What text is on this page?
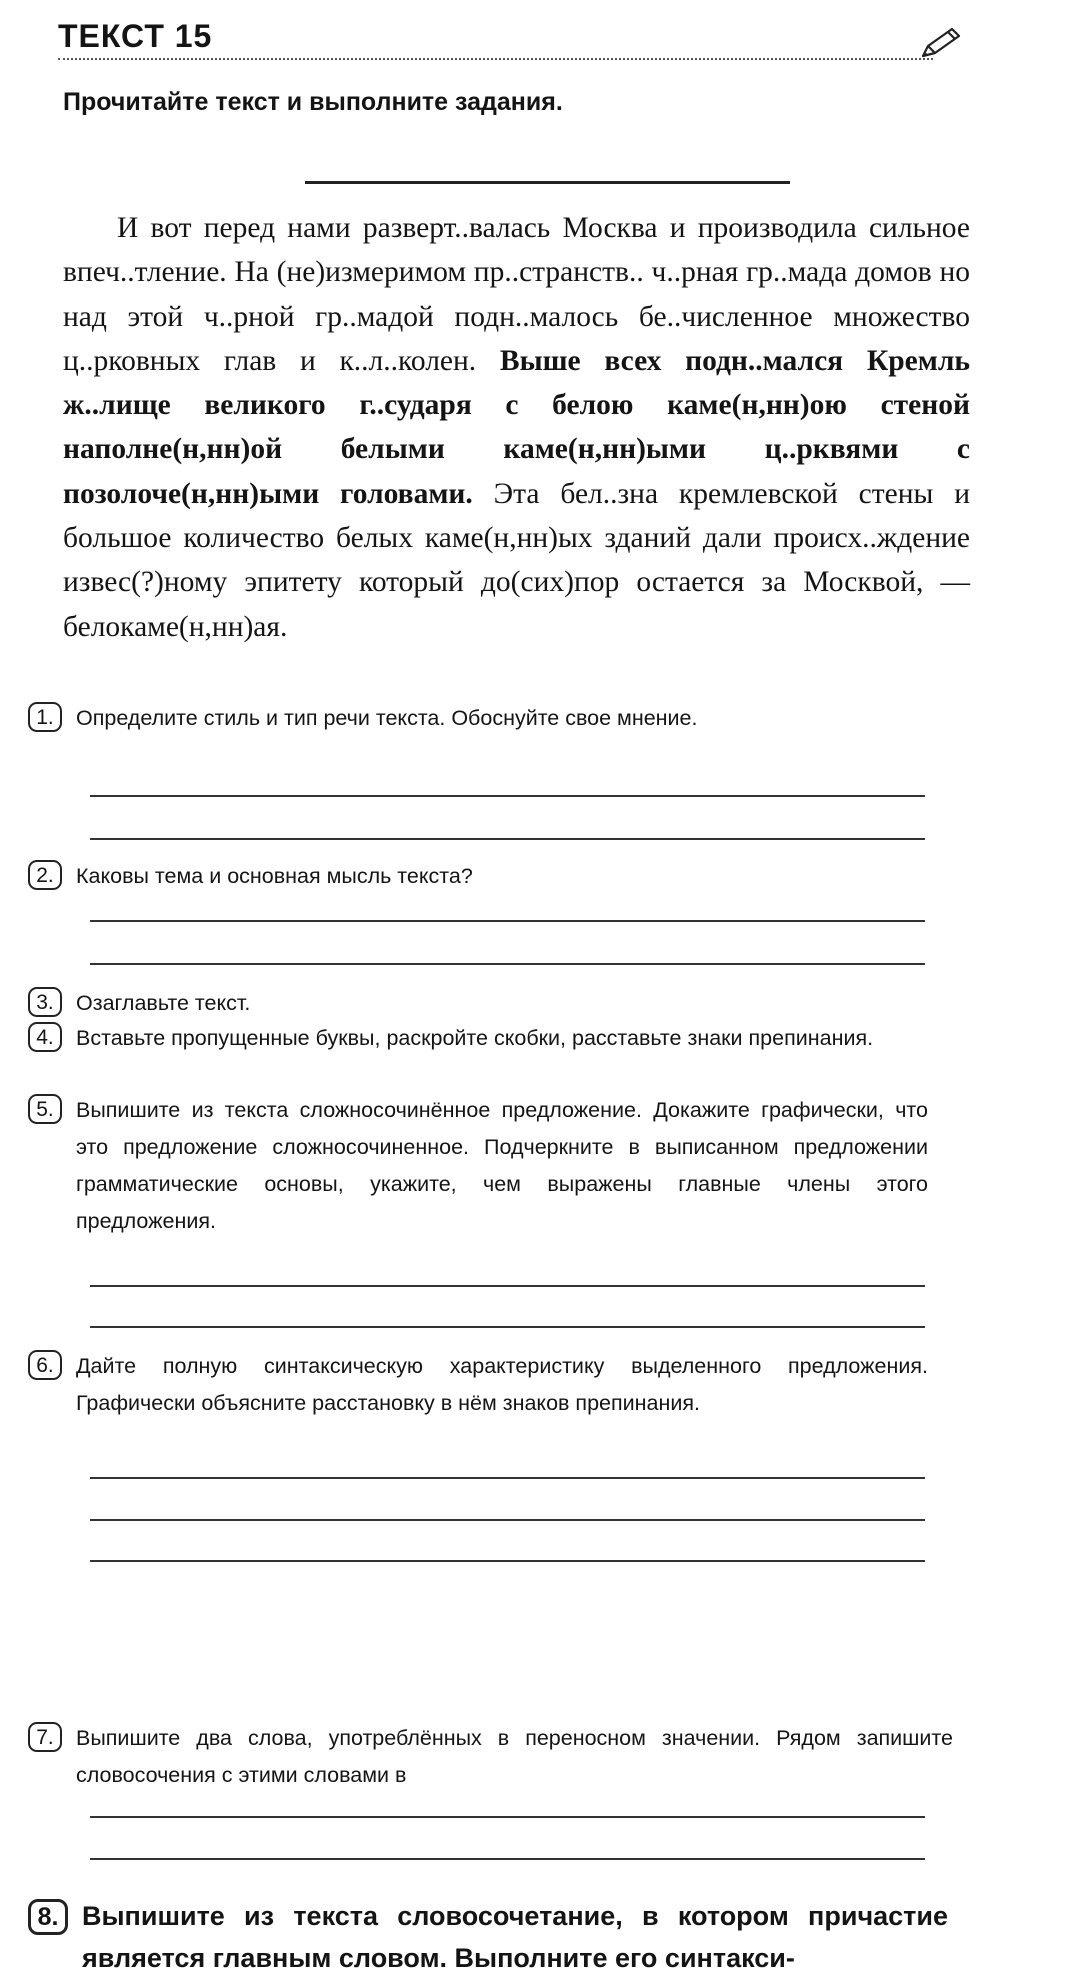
ТЕКСТ 15

Прочитайте текст и выполните задания.

И вот перед нами разверт..валась Москва и производила сильное впеч..тление. На (не)измеримом пр..странств.. ч..рная гр..мада домов но над этой ч..рной гр..мадой подн..малось бе..численное множество ц..рковных глав и к..л..колен. Выше всех подн..мался Кремль ж..лище великого г..сударя с белою каме(н,нн)ою стеной наполне(н,нн)ой белыми каме(н,нн)ыми ц..рквями с позолоче(н,нн)ыми головами. Эта бел..зна кремлевской стены и большое количество белых каме(н,нн)ых зданий дали происх..ждение извес(?)ному эпитету который до(сих)пор остается за Москвой, — белокаме(н,нн)ая.

1.	Определите стиль и тип речи текста. Обоснуйте свое мнение.
2.	Каковы тема и основная мысль текста?
3.	Озаглавьте текст.
4.	Вставьте пропущенные буквы, раскройте скобки, расставьте знаки препинания.
5.	Выпишите из текста сложносочинённое предложение. Докажите графически, что это предложение сложносочиненное. Подчеркните в выписанном предложении грамматические основы, укажите, чем выражены главные члены этого предложения.
6.	Дайте полную синтаксическую характеристику выделенного предложения. Графически объясните расстановку в нём знаков препинания.
7.	Выпишите два слова, употреблённых в переносном значении. Рядом запишите словосочения с этими словами в
8. Выпишите из текста словосочетание, в котором причастие является главным словом. Выполните его синтакси-
